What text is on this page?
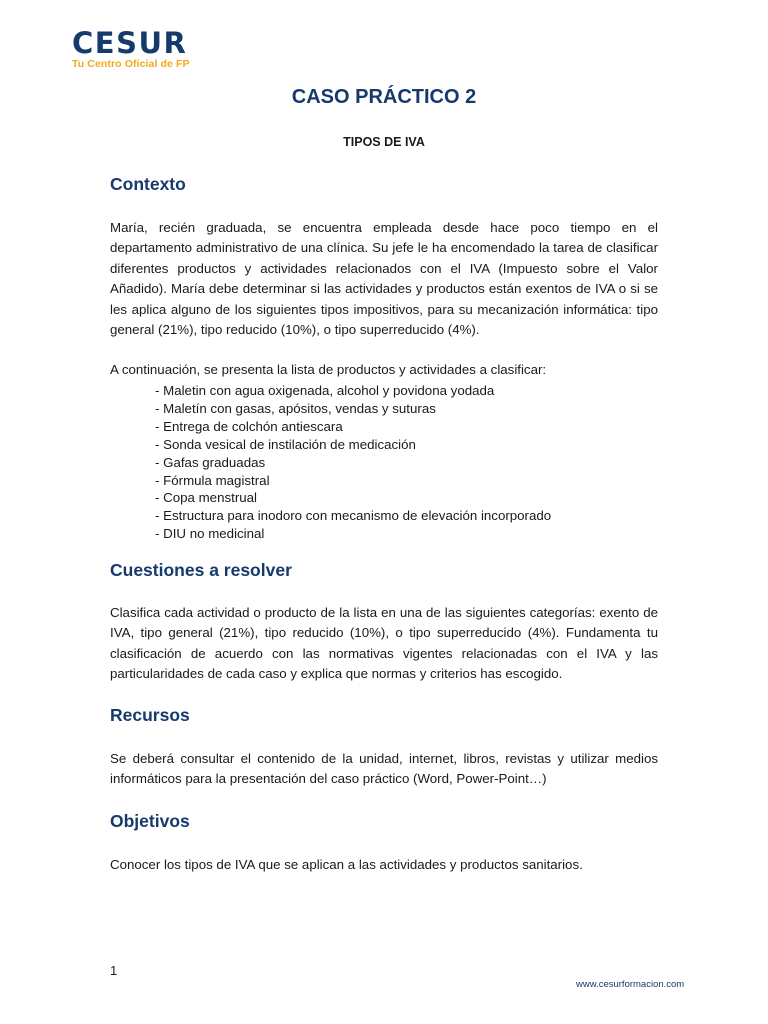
CESUR
Tu Centro Oficial de FP
CASO PRÁCTICO 2
TIPOS DE IVA
Contexto

María, recién graduada, se encuentra empleada desde hace poco tiempo en el departamento administrativo de una clínica. Su jefe le ha encomendado la tarea de clasificar diferentes productos y actividades relacionados con el IVA (Impuesto sobre el Valor Añadido). María debe determinar si las actividades y productos están exentos de IVA o si se les aplica alguno de los siguientes tipos impositivos, para su mecanización informática: tipo general (21%), tipo reducido (10%), o tipo superreducido (4%).

A continuación, se presenta la lista de productos y actividades a clasificar:
- Maletin con agua oxigenada, alcohol y povidona yodada
- Maletín con gasas, apósitos, vendas y suturas
- Entrega de colchón antiescara
- Sonda vesical de instilación de medicación
- Gafas graduadas
- Fórmula magistral
- Copa menstrual
- Estructura para inodoro con mecanismo de elevación incorporado
- DIU no medicinal
Cuestiones a resolver

Clasifica cada actividad o producto de la lista en una de las siguientes categorías: exento de IVA, tipo general (21%), tipo reducido (10%), o tipo superreducido (4%). Fundamenta tu clasificación de acuerdo con las normativas vigentes relacionadas con el IVA y las particularidades de cada caso y explica que normas y criterios has escogido.

Recursos

Se deberá consultar el contenido de la unidad, internet, libros, revistas y utilizar medios informáticos para la presentación del caso práctico (Word, Power-Point…)

Objetivos
Conocer los tipos de IVA que se aplican a las actividades y productos sanitarios.
1
www.cesurformacion.com
